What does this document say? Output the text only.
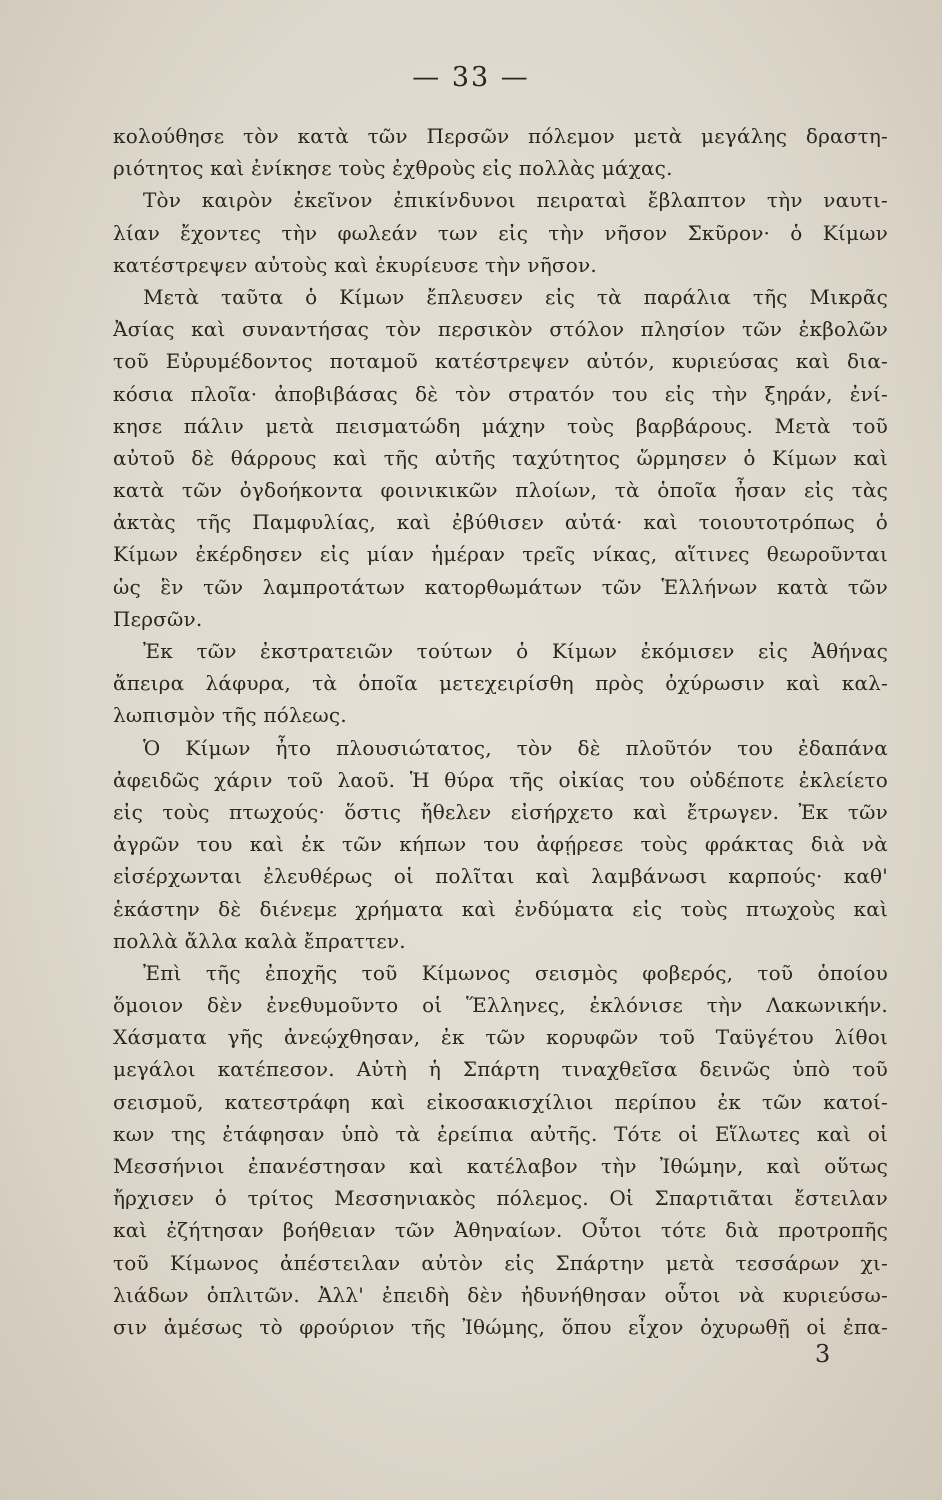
— 33 —
κολούθησε τὸν κατὰ τῶν Περσῶν πόλεμον μετὰ μεγάλης δραστη-
ριότητος καὶ ἐνίκησε τοὺς ἐχθροὺς εἰς πολλὰς μάχας.
Τὸν καιρὸν ἐκεῖνον ἐπικίνδυνοι πειραταὶ ἔβλαπτον τὴν ναυτι-
λίαν ἔχοντες τὴν φωλεάν των εἰς τὴν νῆσον Σκῦρον· ὁ Κίμων
κατέστρεψεν αὐτοὺς καὶ ἐκυρίευσε τὴν νῆσον.
Μετὰ ταῦτα ὁ Κίμων ἔπλευσεν εἰς τὰ παράλια τῆς Μικρᾶς
Ἀσίας καὶ συναντήσας τὸν περσικὸν στόλον πλησίον τῶν ἐκβολῶν
τοῦ Εὐρυμέδοντος ποταμοῦ κατέστρεψεν αὐτόν, κυριεύσας καὶ δια-
κόσια πλοῖα· ἀποβιβάσας δὲ τὸν στρατόν του εἰς τὴν ξηράν, ἐνί-
κησε πάλιν μετὰ πεισματώδη μάχην τοὺς βαρβάρους. Μετὰ τοῦ
αὐτοῦ δὲ θάρρους καὶ τῆς αὐτῆς ταχύτητος ὥρμησεν ὁ Κίμων καὶ
κατὰ τῶν ὀγδοήκοντα φοινικικῶν πλοίων, τὰ ὁποῖα ἦσαν εἰς τὰς
ἀκτὰς τῆς Παμφυλίας, καὶ ἐβύθισεν αὐτά· καὶ τοιουτοτρόπως ὁ
Κίμων ἐκέρδησεν εἰς μίαν ἡμέραν τρεῖς νίκας, αἵτινες θεωροῦνται
ὡς ἓν τῶν λαμπροτάτων κατορθωμάτων τῶν Ἑλλήνων κατὰ τῶν
Περσῶν.
Ἐκ τῶν ἐκστρατειῶν τούτων ὁ Κίμων ἐκόμισεν εἰς Ἀθήνας
ἄπειρα λάφυρα, τὰ ὁποῖα μετεχειρίσθη πρὸς ὀχύρωσιν καὶ καλ-
λωπισμὸν τῆς πόλεως.
Ὁ Κίμων ἦτο πλουσιώτατος, τὸν δὲ πλοῦτόν του ἐδαπάνα
ἀφειδῶς χάριν τοῦ λαοῦ. Ἡ θύρα τῆς οἰκίας του οὐδέποτε ἐκλείετο
εἰς τοὺς πτωχούς· ὅστις ἤθελεν εἰσήρχετο καὶ ἔτρωγεν. Ἐκ τῶν
ἀγρῶν του καὶ ἐκ τῶν κήπων του ἀφῄρεσε τοὺς φράκτας διὰ νὰ
εἰσέρχωνται ἐλευθέρως οἱ πολῖται καὶ λαμβάνωσι καρπούς· καθ'
ἑκάστην δὲ διένεμε χρήματα καὶ ἐνδύματα εἰς τοὺς πτωχοὺς καὶ
πολλὰ ἄλλα καλὰ ἔπραττεν.
Ἐπὶ τῆς ἐποχῆς τοῦ Κίμωνος σεισμὸς φοβερός, τοῦ ὁποίου
ὅμοιον δὲν ἐνεθυμοῦντο οἱ Ἕλληνες, ἐκλόνισε τὴν Λακωνικήν.
Χάσματα γῆς ἀνεῴχθησαν, ἐκ τῶν κορυφῶν τοῦ Ταϋγέτου λίθοι
μεγάλοι κατέπεσον. Αὐτὴ ἡ Σπάρτη τιναχθεῖσα δεινῶς ὑπὸ τοῦ
σεισμοῦ, κατεστράφη καὶ εἰκοσακισχίλιοι περίπου ἐκ τῶν κατοί-
κων της ἐτάφησαν ὑπὸ τὰ ἐρείπια αὐτῆς. Τότε οἱ Εἵλωτες καὶ οἱ
Μεσσήνιοι ἐπανέστησαν καὶ κατέλαβον τὴν Ἰθώμην, καὶ οὕτως
ἤρχισεν ὁ τρίτος Μεσσηνιακὸς πόλεμος. Οἱ Σπαρτιᾶται ἔστειλαν
καὶ ἐζήτησαν βοήθειαν τῶν Ἀθηναίων. Οὗτοι τότε διὰ προτροπῆς
τοῦ Κίμωνος ἀπέστειλαν αὐτὸν εἰς Σπάρτην μετὰ τεσσάρων χι-
λιάδων ὁπλιτῶν. Ἀλλ' ἐπειδὴ δὲν ἠδυνήθησαν οὗτοι νὰ κυριεύσω-
σιν ἀμέσως τὸ φρούριον τῆς Ἰθώμης, ὅπου εἶχον ὀχυρωθῇ οἱ ἐπα-
3
